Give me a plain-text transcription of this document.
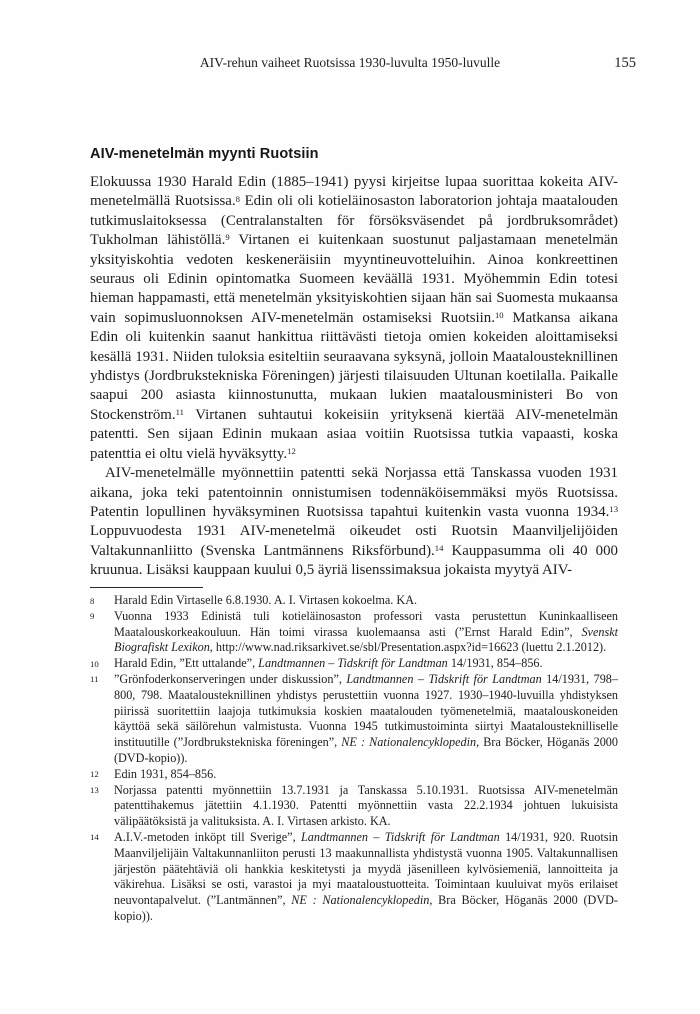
AIV-rehun vaiheet Ruotsissa 1930-luvulta 1950-luvulle	155
AIV-menetelmän myynti Ruotsiin

Elokuussa 1930 Harald Edin (1885–1941) pyysi kirjeitse lupaa suorittaa kokeita AIV-menetelmällä Ruotsissa.$^8$ Edin oli oli kotieläinosaston laboratorion johtaja maatalouden tutkimuslaitoksessa (Centralanstalten för försöksväsendet på jordbruksområdet) Tukholman lähistöllä.$^9$ Virtanen ei kuitenkaan suostunut paljastamaan menetelmän yksityiskohtia vedoten keskeneräisiin myyntineuvotteluihin. Ainoa konkreettinen seuraus oli Edinin opintomatka Suomeen keväällä 1931. Myöhemmin Edin totesi hieman happamasti, että menetelmän yksityiskohtien sijaan hän sai Suomesta mukaansa vain sopimusluonnoksen AIV-menetelmän ostamiseksi Ruotsiin.$^{10}$ Matkansa aikana Edin oli kuitenkin saanut hankittua riittävästi tietoja omien kokeiden aloittamiseksi kesällä 1931. Niiden tuloksia esiteltiin seuraavana syksynä, jolloin Maatalousteknillinen yhdistys (Jordbrukstekniska Föreningen) järjesti tilaisuuden Ultunan koetilalla. Paikalle saapui 200 asiasta kiinnostunutta, mukaan lukien maatalousministeri Bo von Stockenström.$^{11}$ Virtanen suhtautui kokeisiin yrityksenä kiertää AIV-menetelmän patentti. Sen sijaan Edinin mukaan asiaa voitiin Ruotsissa tutkia vapaasti, koska patenttia ei oltu vielä hyväksytty.$^{12}$

AIV-menetelmälle myönnettiin patentti sekä Norjassa että Tanskassa vuoden 1931 aikana, joka teki patentoinnin onnistumisen todennäköisemmäksi myös Ruotsissa. Patentin lopullinen hyväksyminen Ruotsissa tapahtui kuitenkin vasta vuonna 1934.13 Loppuvuodesta 1931 AIV-menetelmä oikeudet osti Ruotsin Maanviljelijöiden Valtakunnanliitto (Svenska Lantmännens Riksförbund).$^{14}$ Kauppasumma oli 40 000 kruunua. Lisäksi kauppaan kuului 0,5 äyriä lisenssimaksua jokaista myytyä AIV-

8 Harald Edin Virtaselle 6.8.1930. A. I. Virtasen kokoelma. KA.
9 Vuonna 1933 Edinistä tuli kotieläinosaston professori vasta perustettun Kuninkaalliseen Maatalouskorkeakouluun. Hän toimi virassa kuolemaansa asti (”Ernst Harald Edin”, Svenskt Biografiskt Lexikon, http://www.nad.riksarkivet.se/sbl/Presentation.aspx?id=16623 (luettu 2.1.2012).
10 Harald Edin, ”Ett uttalande”, Landtmannen – Tidskrift för Landtman 14/1931, 854–856.
11 ”Grönfoderkonserveringen under diskussion”, Landtmannen – Tidskrift för Landtman 14/1931, 798–800, 798. Maatalousteknillinen yhdistys perustettiin vuonna 1927. 1930–1940-luvuilla yhdistyksen piirissä suoritettiin laajoja tutkimuksia koskien maatalouden työmenetelmiä, maatalouskoneiden käyttöä sekä säilörehun valmistusta. Vuonna 1945 tutkimustoiminta siirtyi Maatalousteknilliselle instituutille (”Jordbrukstekniska föreningen”, NE : Nationalencyklopedin, Bra Böcker, Höganäs 2000 (DVD-kopio)).
12 Edin 1931, 854–856.
13 Norjassa patentti myönnettiin 13.7.1931 ja Tanskassa 5.10.1931. Ruotsissa AIV-menetelmän patenttihakemus jätettiin 4.1.1930. Patentti myönnettiin vasta 22.2.1934 johtuen lukuisista välipäätöksistä ja valituksista. A. I. Virtasen arkisto. KA.
14 A.I.V.-metoden inköpt till Sverige”, Landtmannen – Tidskrift för Landtman 14/1931, 920. Ruotsin Maanviljelijäin Valtakunnanliiton perusti 13 maakunnallista yhdistystä vuonna 1905. Valtakunnallisen järjestön päätehtäviä oli hankkia keskitetysti ja myydä jäsenilleen kylvösiemeniä, lannoitteita ja väkirehua. Lisäksi se osti, varastoi ja myi maataloustuotteita. Toimintaan kuuluivat myös erilaiset neuvontapalvelut. (”Lantmännen”, NE : Nationalencyklopedin, Bra Böcker, Höganäs 2000 (DVD-kopio)).
